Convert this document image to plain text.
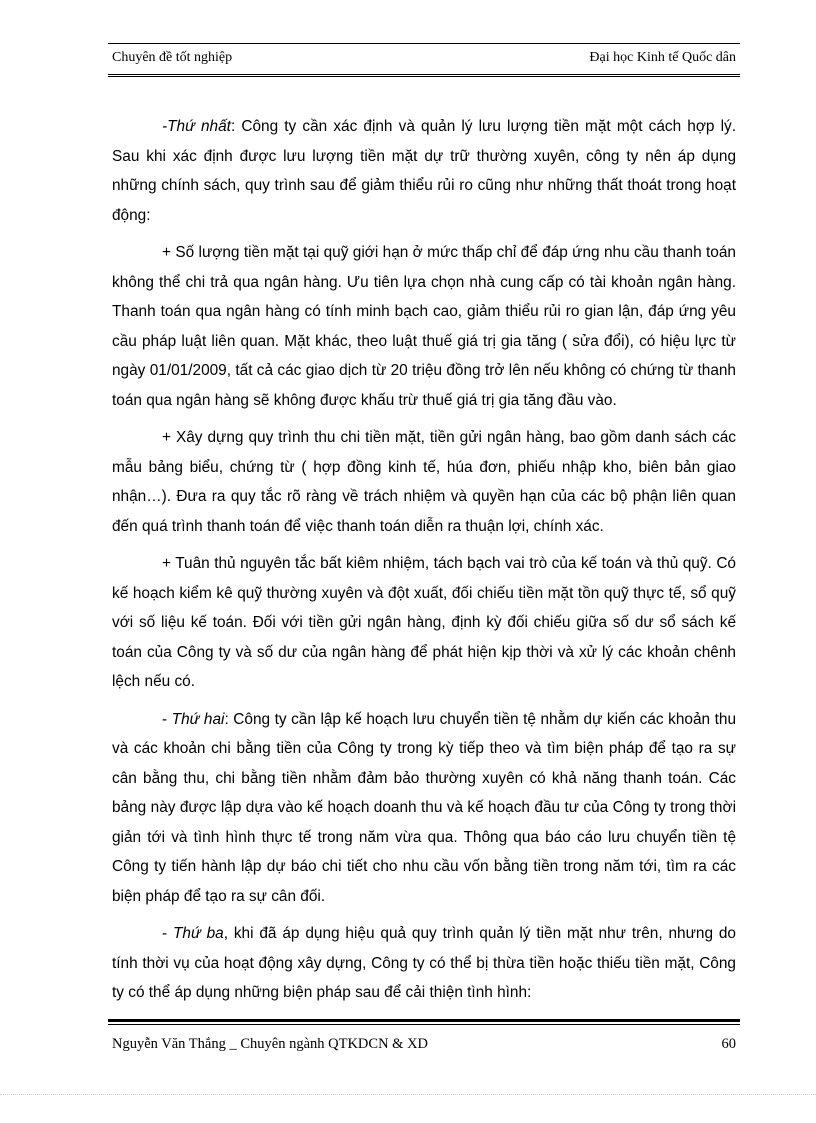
Chuyên đề tốt nghiệp	Đại học Kinh tế Quốc dân

-Thứ nhất: Công ty cần xác định và quản lý lưu lượng tiền mặt một cách hợp lý. Sau khi xác định được lưu lượng tiền mặt dự trữ thường xuyên, công ty nên áp dụng những chính sách, quy trình sau để giảm thiểu rủi ro cũng như những thất thoát trong hoạt động:

+ Số lượng tiền mặt tại quỹ giới hạn ở mức thấp chỉ để đáp ứng nhu cầu thanh toán không thể chi trả qua ngân hàng. Ưu tiên lựa chọn nhà cung cấp có tài khoản ngân hàng. Thanh toán qua ngân hàng có tính minh bạch cao, giảm thiểu rủi ro gian lận, đáp ứng yêu cầu pháp luật liên quan. Mặt khác, theo luật thuế giá trị gia tăng ( sửa đổi), có hiệu lực từ ngày 01/01/2009, tất cả các giao dịch từ 20 triệu đồng trở lên nếu không có chứng từ thanh toán qua ngân hàng sẽ không được khấu trừ thuế giá trị gia tăng đầu vào.

+ Xây dựng quy trình thu chi tiền mặt, tiền gửi ngân hàng, bao gồm danh sách các mẫu bảng biểu, chứng từ ( hợp đồng kinh tế, húa đơn, phiếu nhập kho, biên bản giao nhận…). Đưa ra quy tắc rõ ràng về trách nhiệm và quyền hạn của các bộ phận liên quan đến quá trình thanh toán để việc thanh toán diễn ra thuận lợi, chính xác.

+ Tuân thủ nguyên tắc bất kiêm nhiệm, tách bạch vai trò của kế toán và thủ quỹ. Có kế hoạch kiểm kê quỹ thường xuyên và đột xuất, đối chiếu tiền mặt tồn quỹ thực tế, sổ quỹ với số liệu kế toán. Đối với tiền gửi ngân hàng, định kỳ đối chiếu giữa số dư sổ sách kế toán của Công ty và số dư của ngân hàng để phát hiện kịp thời và xử lý các khoản chênh lệch nếu có.

- Thứ hai: Công ty cần lập kế hoạch lưu chuyển tiền tệ nhằm dự kiến các khoản thu và các khoản chi bằng tiền của Công ty trong kỳ tiếp theo và tìm biện pháp để tạo ra sự cân bằng thu, chi bằng tiền nhằm đảm bảo thường xuyên có khả năng thanh toán. Các bảng này được lập dựa vào kế hoạch doanh thu và kế hoạch đầu tư của Công ty trong thời giản tới và tình hình thực tế trong năm vừa qua. Thông qua báo cáo lưu chuyển tiền tệ Công ty tiến hành lập dự báo chi tiết cho nhu cầu vốn bằng tiền trong năm tới, tìm ra các biện pháp để tạo ra sự cân đối.

- Thứ ba, khi đã áp dụng hiệu quả quy trình quản lý tiền mặt như trên, nhưng do tính thời vụ của hoạt động xây dựng, Công ty có thể bị thừa tiền hoặc thiếu tiền mặt, Công ty có thể áp dụng những biện pháp sau để cải thiện tình hình:

Nguyễn Văn Thắng _ Chuyên ngành QTKDCN & XD	60
